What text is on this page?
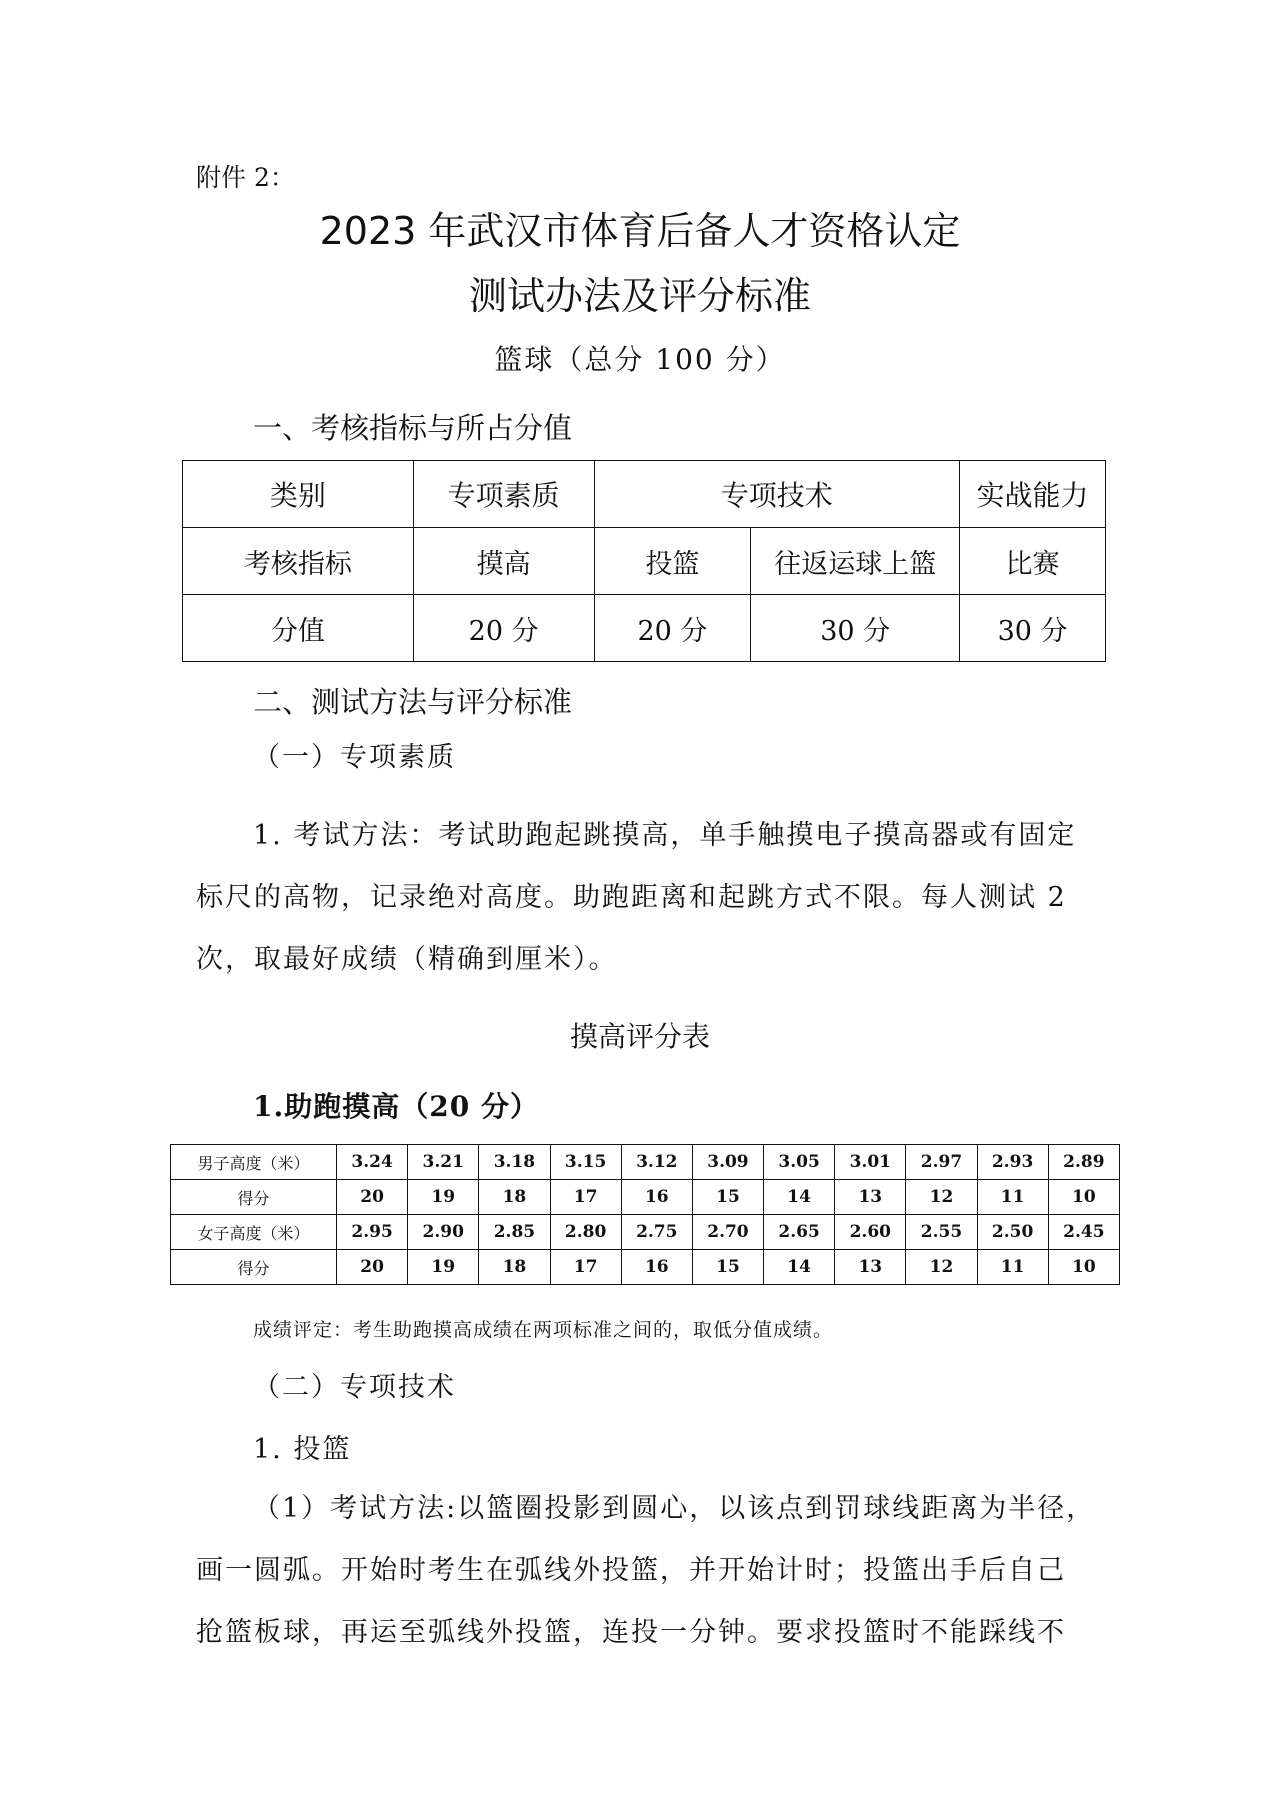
附件 2：
2023 年武汉市体育后备人才资格认定
测试办法及评分标准
篮球（总分 100 分）
一、考核指标与所占分值
类别	专项素质	专项技术		实战能力
考核指标	摸高	投篮	往返运球上篮	比赛
分值	20 分	20 分	30 分	30 分
二、测试方法与评分标准
（一）专项素质
1. 考试方法：考试助跑起跳摸高，单手触摸电子摸高器或有固定
标尺的高物，记录绝对高度。助跑距离和起跳方式不限。每人测试 2
次，取最好成绩（精确到厘米）。
摸高评分表
1.助跑摸高（20 分）
男子高度（米）	3.24	3.21	3.18	3.15	3.12	3.09	3.05	3.01	2.97	2.93	2.89
得分	20	19	18	17	16	15	14	13	12	11	10
女子高度（米）	2.95	2.90	2.85	2.80	2.75	2.70	2.65	2.60	2.55	2.50	2.45
得分	20	19	18	17	16	15	14	13	12	11	10
成绩评定：考生助跑摸高成绩在两项标准之间的，取低分值成绩。
（二）专项技术
1. 投篮
（1）考试方法:以篮圈投影到圆心，以该点到罚球线距离为半径，
画一圆弧。开始时考生在弧线外投篮，并开始计时；投篮出手后自己
抢篮板球，再运至弧线外投篮，连投一分钟。要求投篮时不能踩线不
